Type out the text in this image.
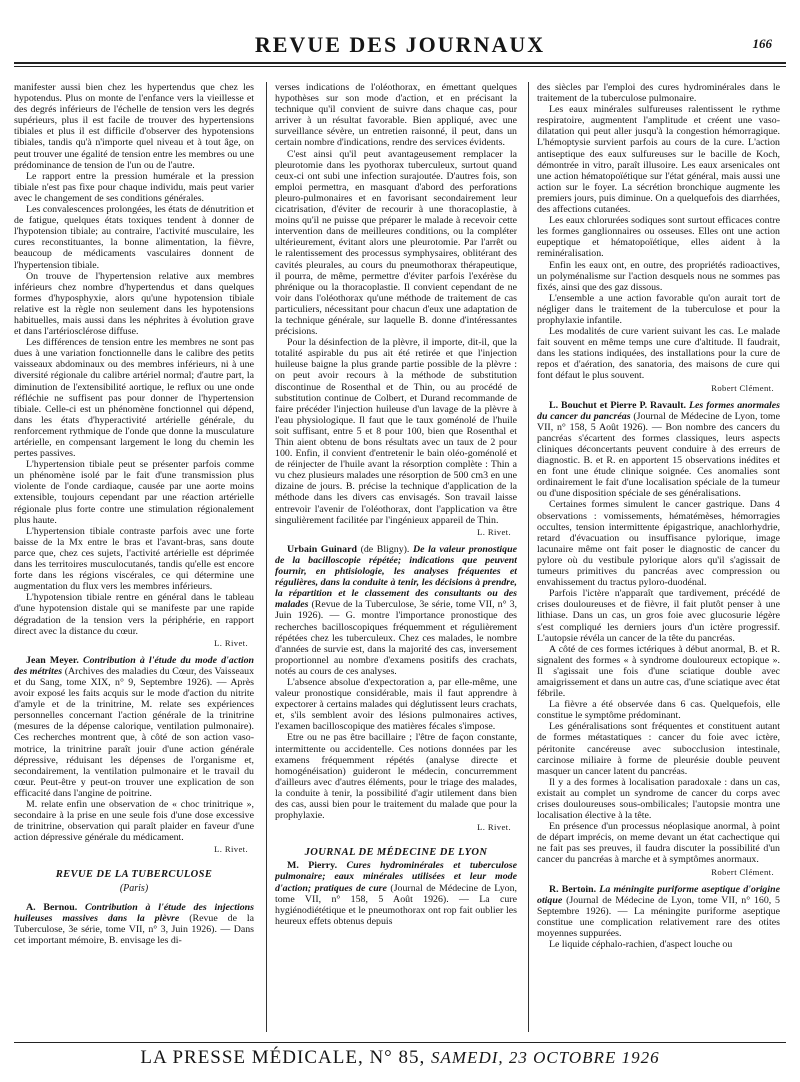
REVUE DES JOURNAUX	166

manifester aussi bien chez les hypertendus que chez les hypotendus. Plus on monte de l'enfance vers la vieillesse et des degrés inférieurs de l'échelle de tension vers les degrés supérieurs, plus il est facile de trouver des hypertensions tibiales et plus il est difficile d'observer des hypotensions tibiales, tandis qu'à n'importe quel niveau et à tout âge, on peut trouver une égalité de tension entre les membres ou une prédominance de tension de l'un ou de l'autre.

Le rapport entre la pression humérale et la pression tibiale n'est pas fixe pour chaque individu, mais peut varier avec le changement de ses conditions générales.

Les convalescences prolongées, les états de dénutrition et de fatigue, quelques états toxiques tendent à donner de l'hypotension tibiale; au contraire, l'activité musculaire, les cures reconstituantes, la bonne alimentation, la fièvre, beaucoup de médicaments vasculaires donnent de l'hypertension tibiale.

On trouve de l'hypertension relative aux membres inférieurs chez nombre d'hypertendus et dans quelques formes d'hyposphyxie, alors qu'une hypotension tibiale relative est la règle non seulement dans les hypotensions habituelles, mais aussi dans les néphrites à évolution grave et dans l'artériosclérose diffuse.

Les différences de tension entre les membres ne sont pas dues à une variation fonctionnelle dans le calibre des petits vaisseaux abdominaux ou des membres inférieurs, ni à une diversité régionale du calibre artériel normal; d'autre part, la diminution de l'extensibilité aortique, le reflux ou une onde réfléchie ne suffisent pas pour donner de l'hypertension tibiale. Celle-ci est un phénomène fonctionnel qui dépend, dans les états d'hyperactivité artérielle générale, du renforcement rythmique de l'onde que donne la musculature artérielle, en compensant largement le long du chemin les pertes passives.

L'hypertension tibiale peut se présenter parfois comme un phénomène isolé par le fait d'une transmission plus violente de l'onde cardiaque, causée par une aorte moins extensible, toujours cependant par une réaction artérielle régionale plus forte contre une stimulation régionalement plus haute.

L'hypertension tibiale contraste parfois avec une forte baisse de la Mx entre le bras et l'avant-bras, sans doute parce que, chez ces sujets, l'activité artérielle est déprimée dans les territoires musculocutanés, tandis qu'elle est encore forte dans les régions viscérales, ce qui détermine une augmentation du flux vers les membres inférieurs.

L'hypotension tibiale rentre en général dans le tableau d'une hypotension distale qui se manifeste par une rapide dégradation de la tension vers la périphérie, en rapport direct avec la distance du cœur.

L. Rivet.

Jean Meyer. Contribution à l'étude du mode d'action des métrites (Archives des maladies du Cœur, des Vaisseaux et du Sang, tome XIX, n° 9, Septembre 1926). — Après avoir exposé les faits acquis sur le mode d'action du nitrite d'amyle et de la trinitrine, M. relate ses expériences personnelles concernant l'action générale de la trinitrine (mesures de la dépense calorique, ventilation pulmonaire). Ces recherches montrent que, à côté de son action vaso-motrice, la trinitrine paraît jouir d'une action générale dépressive, réduisant les dépenses de l'organisme et, secondairement, la ventilation pulmonaire et le travail du cœur. Peut-être y peut-on trouver une explication de son efficacité dans l'angine de poitrine.

M. relate enfin une observation de « choc trinitrique », secondaire à la prise en une seule fois d'une dose excessive de trinitrine, observation qui paraît plaider en faveur d'une action dépressive générale du médicament.

L. Rivet.
REVUE DE LA TUBERCULOSE
(Paris)

A. Bernou. Contribution à l'étude des injections huileuses massives dans la plèvre (Revue de la Tuberculose, 3e série, tome VII, n° 3, Juin 1926). — Dans cet important mémoire, B. envisage les di-

verses indications de l'oléothorax, en émettant quelques hypothèses sur son mode d'action, et en précisant la technique qu'il convient de suivre dans chaque cas, pour arriver à un résultat favorable. Bien appliqué, avec une surveillance sévère, un entretien raisonné, il peut, dans un certain nombre d'indications, rendre des services évidents.

C'est ainsi qu'il peut avantageusement remplacer la pleurotomie dans les pyothorax tuberculeux, surtout quand ceux-ci ont subi une infection surajoutée. D'autres fois, son emploi permettra, en masquant d'abord des perforations pleuro-pulmonaires et en favorisant secondairement leur cicatrisation, d'éviter de recourir à une thoracoplastie, à moins qu'il ne puisse que préparer le malade à recevoir cette intervention dans de meilleures conditions, ou la compléter ultérieurement, évitant alors une pleurotomie. Par l'arrêt ou le ralentissement des processus symphysaires, oblitérant des cavités pleurales, au cours du pneumothorax thérapeutique, il pourra, de même, permettre d'éviter parfois l'exérèse du phrénique ou la thoracoplastie. Il convient cependant de ne voir dans l'oléothorax qu'une méthode de traitement de cas particuliers, nécessitant pour chacun d'eux une adaptation de la technique générale, sur laquelle B. donne d'intéressantes précisions.

Pour la désinfection de la plèvre, il importe, dit-il, que la totalité aspirable du pus ait été retirée et que l'injection huileuse baigne la plus grande partie possible de la plèvre : on peut avoir recours à la méthode de substitution discontinue de Rosenthal et de Thin, ou au procédé de substitution continue de Colbert, et Durand recommande de faire précéder l'injection huileuse d'un lavage de la plèvre à l'eau physiologique. Il faut que le taux goménolé de l'huile soit suffisant, entre 5 et 8 pour 100, bien que Rosenthal et Thin aient obtenu de bons résultats avec un taux de 2 pour 100. Enfin, il convient d'entretenir le bain oléo-goménolé et de réinjecter de l'huile avant la résorption complète : Thin a vu chez plusieurs malades une résorption de 500 cm3 en une dizaine de jours. B. précise la technique d'application de la méthode dans les divers cas envisagés. Son travail laisse entrevoir l'avenir de l'oléothorax, dont l'application va être singulièrement facilitée par l'ingénieux appareil de Thin.

L. Rivet.

Urbain Guinard (de Bligny). De la valeur pronostique de la bacilloscopie répétée; indications que peuvent fournir, en phtisiologie, les analyses fréquentes et régulières, dans la conduite à tenir, les décisions à prendre, la répartition et le classement des consultants ou des malades (Revue de la Tuberculose, 3e série, tome VII, n° 3, Juin 1926). — G. montre l'importance pronostique des recherches bacilloscopiques fréquemment et régulièrement répétées chez les tuberculeux. Chez ces malades, le nombre d'années de survie est, dans la majorité des cas, inversement proportionnel au nombre d'examens positifs des crachats, notés au cours de ces analyses.

L'absence absolue d'expectoration a, par elle-même, une valeur pronostique considérable, mais il faut apprendre à expectorer à certains malades qui déglutissent leurs crachats, et, s'ils semblent avoir des lésions pulmonaires actives, l'examen bacilloscopique des matières fécales s'impose.

Etre ou ne pas être bacillaire ; l'être de façon constante, intermittente ou accidentelle. Ces notions données par les examens fréquemment répétés (analyse directe et homogénéisation) guideront le médecin, concurremment d'ailleurs avec d'autres éléments, pour le triage des malades, la conduite à tenir, la possibilité d'agir utilement dans bien des cas, aussi bien pour le traitement du malade que pour la prophylaxie.

L. Rivet.
JOURNAL DE MÉDECINE DE LYON

M. Pierry. Cures hydrominérales et tuberculose pulmonaire; eaux minérales utilisées et leur mode d'action; pratiques de cure (Journal de Médecine de Lyon, tome VII, n° 158, 5 Août 1926). — La cure hygiénodiététique et le pneumothorax ont rop fait oublier les heureux effets obtenus depuis

des siècles par l'emploi des cures hydrominérales dans le traitement de la tuberculose pulmonaire.

Les eaux minérales sulfureuses ralentissent le rythme respiratoire, augmentent l'amplitude et créent une vaso-dilatation qui peut aller jusqu'à la congestion hémorragique. L'hémoptysie survient parfois au cours de la cure. L'action antiseptique des eaux sulfureuses sur le bacille de Koch, démontrée in vitro, paraît illusoire. Les eaux arsenicales ont une action hématopoïétique sur l'état général, mais aussi une action sur le foyer. La sécrétion bronchique augmente les premiers jours, puis diminue. On a quelquefois des diarrhées, des affections cutanées.

Les eaux chlorurées sodiques sont surtout efficaces contre les formes ganglionnaires ou osseuses. Elles ont une action eupeptique et hématopoïétique, elles aident à la reminéralisation.

Enfin les eaux ont, en outre, des propriétés radioactives, un polyménalisme sur l'action desquels nous ne sommes pas fixés, ainsi que des gaz dissous.

L'ensemble a une action favorable qu'on aurait tort de négliger dans le traitement de la tuberculose et pour la prophylaxie infantile.

Les modalités de cure varient suivant les cas. Le malade fait souvent en même temps une cure d'altitude. Il faudrait, dans les stations indiquées, des installations pour la cure de repos et d'aération, des sanatoria, des maisons de cure qui font défaut le plus souvent.

Robert Clément.

L. Bouchut et Pierre P. Ravault. Les formes anormales du cancer du pancréas (Journal de Médecine de Lyon, tome VII, n° 158, 5 Août 1926). — Bon nombre des cancers du pancréas s'écartent des formes classiques, leurs aspects cliniques déconcertants peuvent conduire à des erreurs de diagnostic. B. et R. en apportent 15 observations inédites et en font une étude clinique soignée. Ces anomalies sont ordinairement le fait d'une localisation spéciale de la tumeur ou d'une disposition spéciale de ses généralisations.

Certaines formes simulent le cancer gastrique. Dans 4 observations : vomissements, hématémèses, hémorragies occultes, tension intermittente épigastrique, anachlorhydrie, retard d'évacuation ou insuffisance pylorique, image lacunaire même ont fait poser le diagnostic de cancer du pylore où du vestibule pylorique alors qu'il s'agissait de tumeurs primitives du pancréas avec compression ou envahissement du tractus pyloro-duodénal.

Parfois l'ictère n'apparaît que tardivement, précédé de crises douloureuses et de fièvre, il fait plutôt penser à une lithiase. Dans un cas, un gros foie avec glucosurie légère s'est compliqué les derniers jours d'un ictère progressif. L'autopsie révéla un cancer de la tête du pancréas.

A côté de ces formes ictériques à début anormal, B. et R. signalent des formes « à syndrome douloureux ectopique ». Il s'agissait une fois d'une sciatique double avec amaigrissement et dans un autre cas, d'une sciatique avec état fébrile.

La fièvre a été observée dans 6 cas. Quelquefois, elle constitue le symptôme prédominant.

Les généralisations sont fréquentes et constituent autant de formes métastatiques : cancer du foie avec ictère, péritonite cancéreuse avec subocclusion intestinale, carcinose miliaire à forme de pleurésie double peuvent masquer un cancer latent du pancréas.

Il y a des formes à localisation paradoxale : dans un cas, existait au complet un syndrome de cancer du corps avec crises douloureuses sous-ombilicales; l'autopsie montra une localisation élective à la tête.

En présence d'un processus néoplasique anormal, à point de départ imprécis, on meme devant un état cachectique qui ne fait pas ses preuves, il faudra discuter la possibilité d'un cancer du pancréas à marche et à symptômes anormaux.

Robert Clément.

R. Bertoin. La méningite puriforme aseptique d'origine otique (Journal de Médecine de Lyon, tome VII, n° 160, 5 Septembre 1926). — La méningite puriforme aseptique constitue une complication relativement rare des otites moyennes suppurées.

Le liquide céphalo-rachien, d'aspect louche ou

LA PRESSE MÉDICALE, N° 85, SAMEDI, 23 OCTOBRE 1926
